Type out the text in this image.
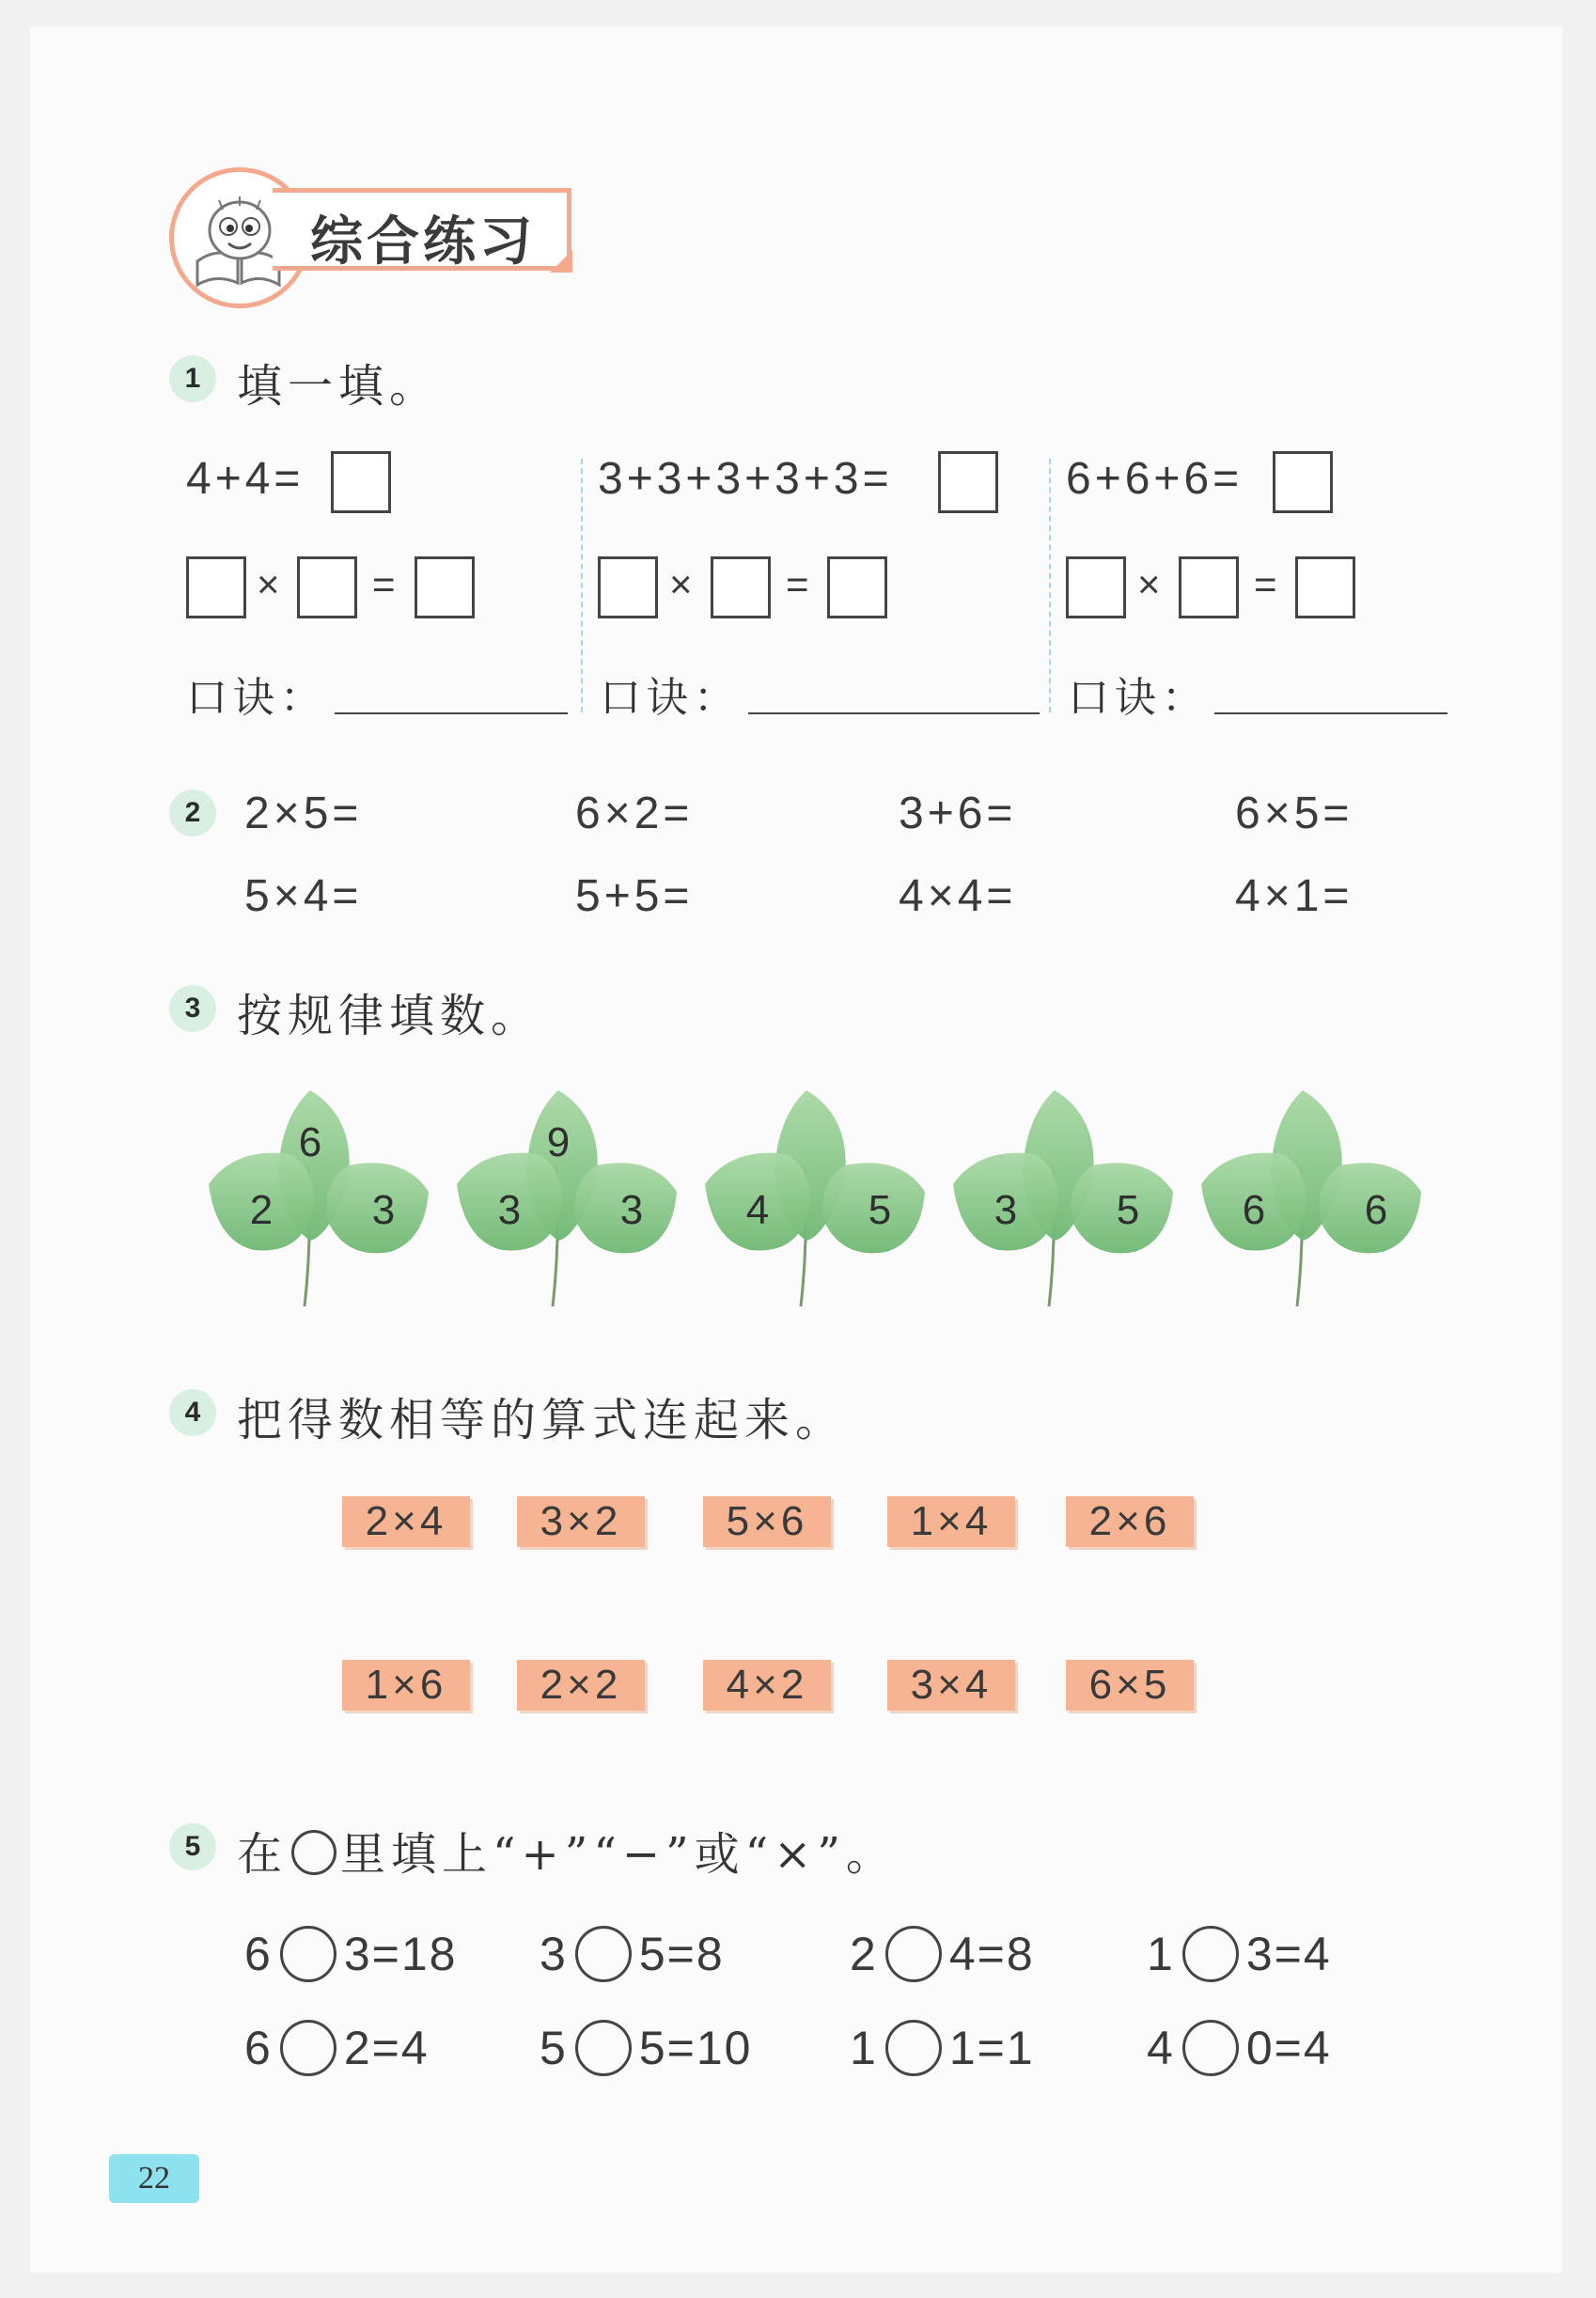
综合练习
1 填一填。
4+4=
× =
口诀：
3+3+3+3+3=
× =
口诀：
6+6+6=
× =
口诀：
2 2×5=	6×2=	3+6=	6×5=
5×4=	5+5=	4×4=	4×1=
3 按规律填数。
6
2 3
9
3 3 4 5 3 5 6 6
4 把得数相等的算式连起来。
2×4	3×2	5×6	1×4	2×6
1×6	2×2	4×2	3×4	6×5
5 在 里填上“+”“−”或“×”。
6 3=18 3 5=8	2 4=8 1 3=4
6 2=4 5 5=10 1 1=1 4 0=4
22
